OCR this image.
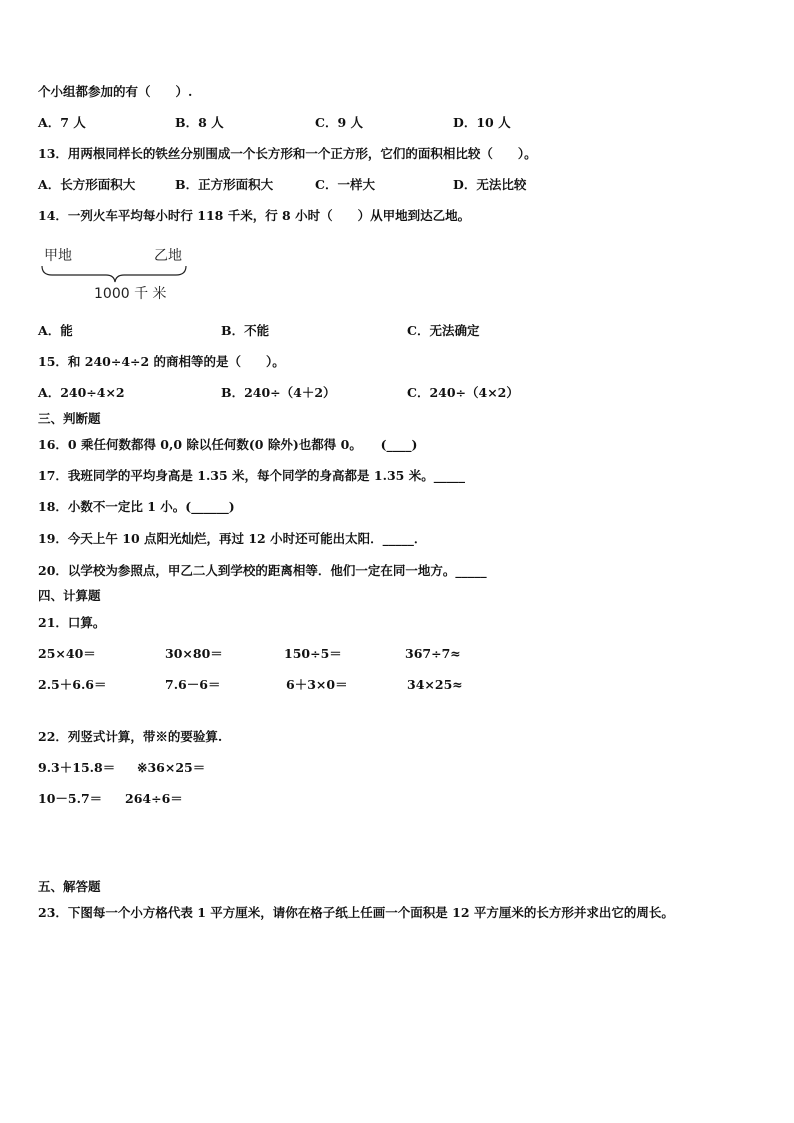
个小组都参加的有（　　）.
A．7 人	B．8 人	C．9 人	D．10 人
13．用两根同样长的铁丝分别围成一个长方形和一个正方形，它们的面积相比较（　　）。
A．长方形面积大	B．正方形面积大	C．一样大	D．无法比较
14．一列火车平均每小时行 118 千米，行 8 小时（　　）从甲地到达乙地。
甲地	乙地
1000 千 米
A．能	B．不能	C．无法确定
15．和 240÷4÷2 的商相等的是（　　）。
A．240÷4×2	B．240÷（4＋2）	C．240÷（4×2）
三、判断题
16．0 乘任何数都得 0,0 除以任何数(0 除外)也都得 0。　　(____)
17．我班同学的平均身高是 1.35 米，每个同学的身高都是 1.35 米。_____
18．小数不一定比 1 小。(______)
19．今天上午 10 点阳光灿烂，再过 12 小时还可能出太阳．_____．
20．以学校为参照点，甲乙二人到学校的距离相等．他们一定在同一地方。_____
四、计算题
21．口算。
25×40＝	30×80＝	150÷5＝	367÷7≈
2.5＋6.6＝	7.6－6＝	6＋3×0＝	34×25≈
22．列竖式计算，带※的要验算.
9.3＋15.8＝ ※36×25＝
10－5.7＝ 264÷6＝
五、解答题
23．下图每一个小方格代表 1 平方厘米，请你在格子纸上任画一个面积是 12 平方厘米的长方形并求出它的周长。
